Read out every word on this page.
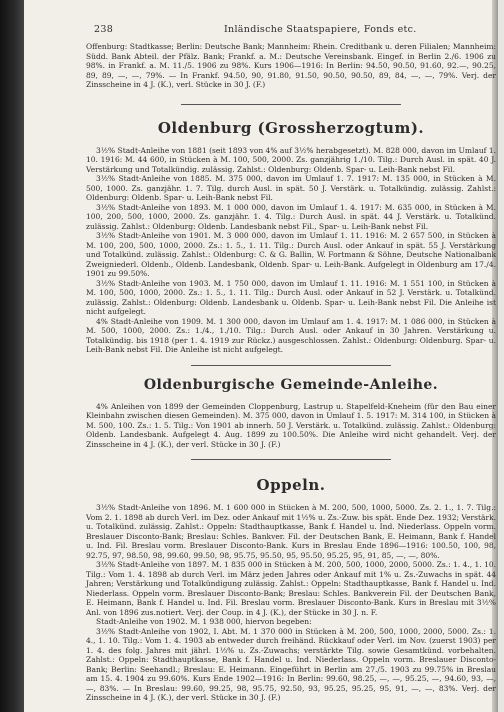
238	Inländische Staatspapiere, Fonds etc.

Offenburg: Stadtkasse; Berlin: Deutsche Bank; Mannheim: Rhein. Creditbank u. deren Filialen; Mannheim: Südd. Bank Abteil. der Pfälz. Bank; Frankf. a. M.: Deutsche Vereinsbank. Eingef. in Berlin 2./6. 1906 zu 98%. in Frankf. a. M. 11./5. 1906 zu 98%. Kurs 1906—1916: In Berlin: 94.50, 90.50, 91.60, 92.—, 90.25, 89, 89, —, —, 79%. — In Frankf. 94.50, 90, 91.80, 91.50, 90.50, 90.50, 89, 84, —, —, 79%. Verj. der Zinsscheine in 4 J. (K.), verl. Stücke in 30 J. (F.)

Oldenburg (Grossherzogtum).

3½% Stadt-Anleihe von 1881 (seit 1893 von 4% auf 3½% herabgesetzt). M. 828 000, davon im Umlauf 1. 10. 1916: M. 44 600, in Stücken à M. 100, 500, 2000. Zs. ganzjährig 1./10. Tilg.: Durch Ausl. in spät. 40 J. Verstärkung und Totalkündig. zulässig. Zahlst.: Oldenburg: Oldenb. Spar- u. Leih-Bank nebst Fil.

3½% Stadt-Anleihe von 1885. M. 375 000, davon im Umlauf 1. 7. 1917: M. 135 000, in Stücken à M. 500, 1000. Zs. ganzjähr. 1. 7. Tilg. durch Ausl. in spät. 50 J. Verstärk. u. Totalkündig. zulässig. Zahlst.: Oldenburg: Oldenb. Spar- u. Leih-Bank nebst Fil.

3½% Stadt-Anleihe von 1893. M. 1 000 000, davon im Umlauf 1. 4. 1917: M. 635 000, in Stücken à M. 100, 200, 500, 1000, 2000. Zs. ganzjähr. 1. 4. Tilg.: Durch Ausl. in spät. 44 J. Verstärk. u. Totalkünd. zulässig. Zahlst.: Oldenburg: Oldenb. Landesbank nebst Fil., Spar- u. Leih-Bank nebst Fil.

3½% Stadt-Anleihe von 1901. M. 3 000 000, davon im Umlauf 1. 11. 1916: M. 2 657 500, in Stücken à M. 100, 200, 500, 1000, 2000. Zs.: 1. 5., 1. 11. Tilg.: Durch Ausl. oder Ankauf in spät. 55 J. Verstärkung und Totalkünd. zulässig. Zahlst.: Oldenburg: C. & G. Ballin, W. Fortmann & Söhne, Deutsche Nationalbank Zweigniederl. Oldenb., Oldenb. Landesbank, Oldenb. Spar- u. Leih-Bank. Aufgelegt in Oldenburg am 17./4. 1901 zu 99.50%.

3½% Stadt-Anleihe von 1903. M. 1 750 000, davon im Umlauf 1. 11. 1916: M. 1 551 100, in Stücken à M. 100, 500, 1000, 2000. Zs.: 1. 5., 1. 11. Tilg.: Durch Ausl. oder Ankauf in 52 J. Verstärk. u. Totalkünd. zulässig. Zahlst.: Oldenburg: Oldenb. Landesbank u. Oldenb. Spar- u. Leih-Bank nebst Fil. Die Anleihe ist nicht aufgelegt.

4% Stadt-Anleihe von 1909. M. 1 300 000, davon im Umlauf am 1. 4. 1917: M. 1 086 000, in Stücken à M. 500, 1000, 2000. Zs.: 1./4., 1./10. Tilg.: Durch Ausl. oder Ankauf in 30 Jahren. Verstärkung u. Totalkündig. bis 1918 (per 1. 4. 1919 zur Rückz.) ausgeschlossen. Zahlst.: Oldenburg: Oldenburg. Spar- u. Leih-Bank nebst Fil. Die Anleihe ist nicht aufgelegt.

Oldenburgische Gemeinde-Anleihe.

4% Anleihen von 1899 der Gemeinden Cloppenburg, Lastrup u. Stapelfeld-Kneheim (für den Bau einer Kleinbahn zwischen diesen Gemeinden). M. 375 000, davon in Umlauf 1. 5. 1917: M. 314 100, in Stücken à M. 500, 100. Zs.: 1. 5. Tilg.: Von 1901 ab innerh. 50 J. Verstärk. u. Totalkünd. zulässig. Zahlst.: Oldenburg: Oldenb. Landesbank. Aufgelegt 4. Aug. 1899 zu 100.50%. Die Anleihe wird nicht gehandelt. Verj. der Zinsscheine in 4 J. (K.), der verl. Stücke in 30 J. (F.)

Oppeln.

3½% Stadt-Anleihe von 1896. M. 1 600 000 in Stücken à M. 200, 500, 1000, 5000. Zs. 2. 1., 1. 7. Tilg.: Vom 2. 1. 1898 ab durch Verl. im Dez. oder Ankauf mit 1½% u. Zs.-Zuw. bis spät. Ende Dez. 1932; Verstärk. u. Totalkünd. zulässig. Zahlst.: Oppeln: Stadthauptkasse, Bank f. Handel u. Ind. Niederlass. Oppeln vorm. Breslauer Disconto-Bank; Breslau: Schles. Bankver. Fil. der Deutschen Bank, E. Heimann, Bank f. Handel u. Ind. Fil. Breslau vorm. Breslauer Disconto-Bank. Kurs in Breslau Ende 1896—1916: 100.50, 100, 98, 92.75, 97, 98.50, 98, 99.60, 99.50, 98, 95.75, 95.50, 95, 95.50, 95.25, 95, 91, 85, —, —, 80%.

3½% Stadt-Anleihe von 1897. M. 1 835 000 in Stücken à M. 200, 500, 1000, 2000, 5000. Zs.: 1. 4., 1. 10. Tilg.: Vom 1. 4. 1898 ab durch Verl. im März jeden Jahres oder Ankauf mit 1% u. Zs.-Zuwachs in spät. 44 Jahren; Verstärkung und Totalkündigung zulässig. Zahlst.: Oppeln: Stadthauptkasse, Bank f. Handel u. Ind. Niederlass. Oppeln vorm. Breslauer Disconto-Bank; Breslau: Schles. Bankverein Fil. der Deutschen Bank, E. Heimann, Bank f. Handel u. Ind. Fil. Breslau vorm. Breslauer Disconto-Bank. Kurs in Breslau mit 3½% Anl. von 1896 zus.notiert. Verj. der Coup. in 4 J. (K.), der Stücke in 30 J. n. F.

Stadt-Anleihe von 1902. M. 1 938 000, hiervon begeben:

3½% Stadt-Anleihe von 1902, I. Abt. M. 1 370 000 in Stücken à M. 200, 500, 1000, 2000, 5000. Zs.: 1. 4., 1. 10. Tilg.: Vom 1. 4. 1903 ab entweder durch freihänd. Rückkauf oder Verl. im Nov. (zuerst 1903) per 1. 4. des folg. Jahres mit jährl. 1⅓% u. Zs.-Zuwachs; verstärkte Tilg. sowie Gesamtkünd. vorbehalten. Zahlst.: Oppeln: Stadthauptkasse, Bank f. Handel u. Ind. Niederlass. Oppeln vorm. Breslauer Disconto-Bank; Berlin: Seehandl.; Breslau: E. Heimann. Eingeführt in Berlin am 27./5. 1903 zu 99.75% in Breslau am 15. 4. 1904 zu 99.60%. Kurs Ende 1902—1916: In Berlin: 99.60, 98.25, —, —, 95.25, —, 94.60, 93, —, —, 83%. — In Breslau: 99.60, 99.25, 98, 95.75, 92.50, 93, 95.25, 95.25, 95, 91, —, —, 83%. Verj. der Zinsscheine in 4 J. (K.), der verl. Stücke in 30 J. (F.)
